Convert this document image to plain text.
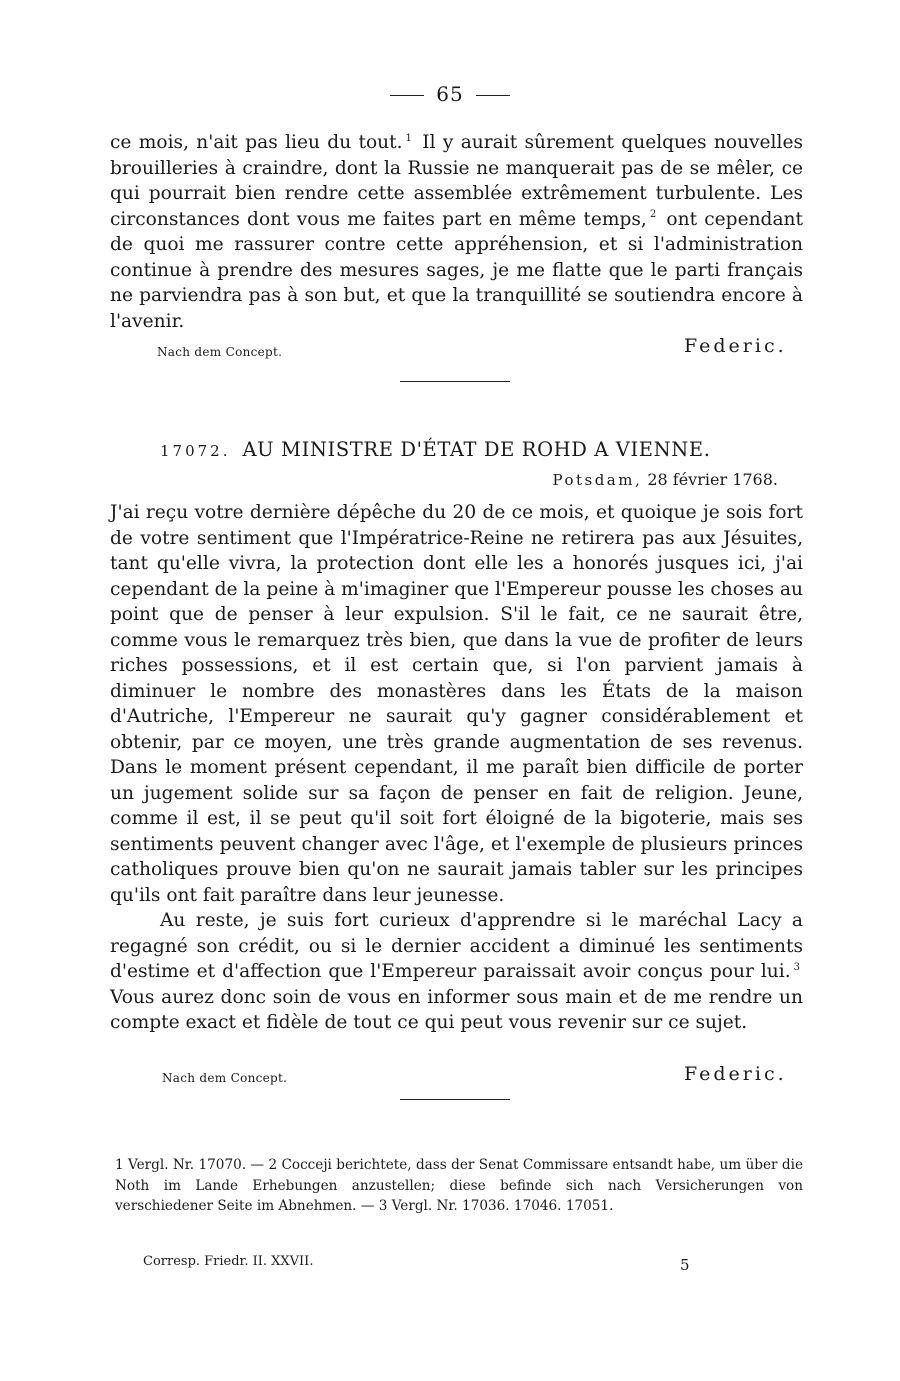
65

ce mois, n'ait pas lieu du tout. $^1$ Il y aurait sûrement quelques nouvelles brouilleries à craindre, dont la Russie ne manquerait pas de se mêler, ce qui pourrait bien rendre cette assemblée extrêmement turbulente. Les circonstances dont vous me faites part en même temps, $^2$ ont cependant de quoi me rassurer contre cette appréhension, et si l'administration continue à prendre des mesures sages, je me flatte que le parti français ne parviendra pas à son but, et que la tranquillité se soutiendra encore à l'avenir.

Nach dem Concept.	Federic.
17072. AU MINISTRE D'ÉTAT DE ROHD A VIENNE.
Potsdam, 28 février 1768.

J'ai reçu votre dernière dépêche du 20 de ce mois, et quoique je sois fort de votre sentiment que l'Impératrice-Reine ne retirera pas aux Jésuites, tant qu'elle vivra, la protection dont elle les a honorés jusques ici, j'ai cependant de la peine à m'imaginer que l'Empereur pousse les choses au point que de penser à leur expulsion. S'il le fait, ce ne saurait être, comme vous le remarquez très bien, que dans la vue de profiter de leurs riches possessions, et il est certain que, si l'on parvient jamais à diminuer le nombre des monastères dans les États de la maison d'Autriche, l'Empereur ne saurait qu'y gagner considérablement et obtenir, par ce moyen, une très grande augmentation de ses revenus. Dans le moment présent cependant, il me paraît bien difficile de porter un jugement solide sur sa façon de penser en fait de religion. Jeune, comme il est, il se peut qu'il soit fort éloigné de la bigoterie, mais ses sentiments peuvent changer avec l'âge, et l'exemple de plusieurs princes catholiques prouve bien qu'on ne saurait jamais tabler sur les principes qu'ils ont fait paraître dans leur jeunesse.

Au reste, je suis fort curieux d'apprendre si le maréchal Lacy a regagné son crédit, ou si le dernier accident a diminué les sentiments d'estime et d'affection que l'Empereur paraissait avoir conçus pour lui. $^3$ Vous aurez donc soin de vous en informer sous main et de me rendre un compte exact et fidèle de tout ce qui peut vous revenir sur ce sujet.

Nach dem Concept.	Federic.

1 Vergl. Nr. 17070. — 2 Cocceji berichtete, dass der Senat Commissare entsandt habe, um über die Noth im Lande Erhebungen anzustellen; diese befinde sich nach Versicherungen von verschiedener Seite im Abnehmen. — 3 Vergl. Nr. 17036. 17046. 17051.

Corresp. Friedr. II. XXVII.	5
